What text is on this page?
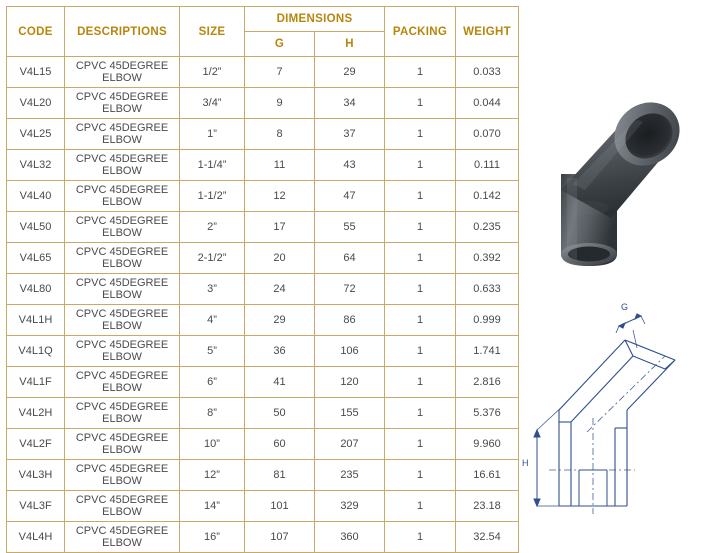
CODE	DESCRIPTIONS	SIZE	DIMENSIONS		PACKING	WEIGHT
			G	H		
V4L15	CPVC 45DEGREE ELBOW	1/2”	7	29	1	0.033
V4L20	CPVC 45DEGREE ELBOW	3/4”	9	34	1	0.044
V4L25	CPVC 45DEGREE ELBOW	1”	8	37	1	0.070
V4L32	CPVC 45DEGREE ELBOW	1-1/4”	11	43	1	0.111
V4L40	CPVC 45DEGREE ELBOW	1-1/2”	12	47	1	0.142
V4L50	CPVC 45DEGREE ELBOW	2”	17	55	1	0.235
V4L65	CPVC 45DEGREE ELBOW	2-1/2”	20	64	1	0.392
V4L80	CPVC 45DEGREE ELBOW	3”	24	72	1	0.633
V4L1H	CPVC 45DEGREE ELBOW	4”	29	86	1	0.999
V4L1Q	CPVC 45DEGREE ELBOW	5”	36	106	1	1.741
V4L1F	CPVC 45DEGREE ELBOW	6”	41	120	1	2.816
V4L2H	CPVC 45DEGREE ELBOW	8”	50	155	1	5.376
V4L2F	CPVC 45DEGREE ELBOW	10”	60	207	1	9.960
V4L3H	CPVC 45DEGREE ELBOW	12”	81	235	1	16.61
V4L3F	CPVC 45DEGREE ELBOW	14”	101	329	1	23.18
V4L4H	CPVC 45DEGREE ELBOW	16”	107	360	1	32.54
G
H
